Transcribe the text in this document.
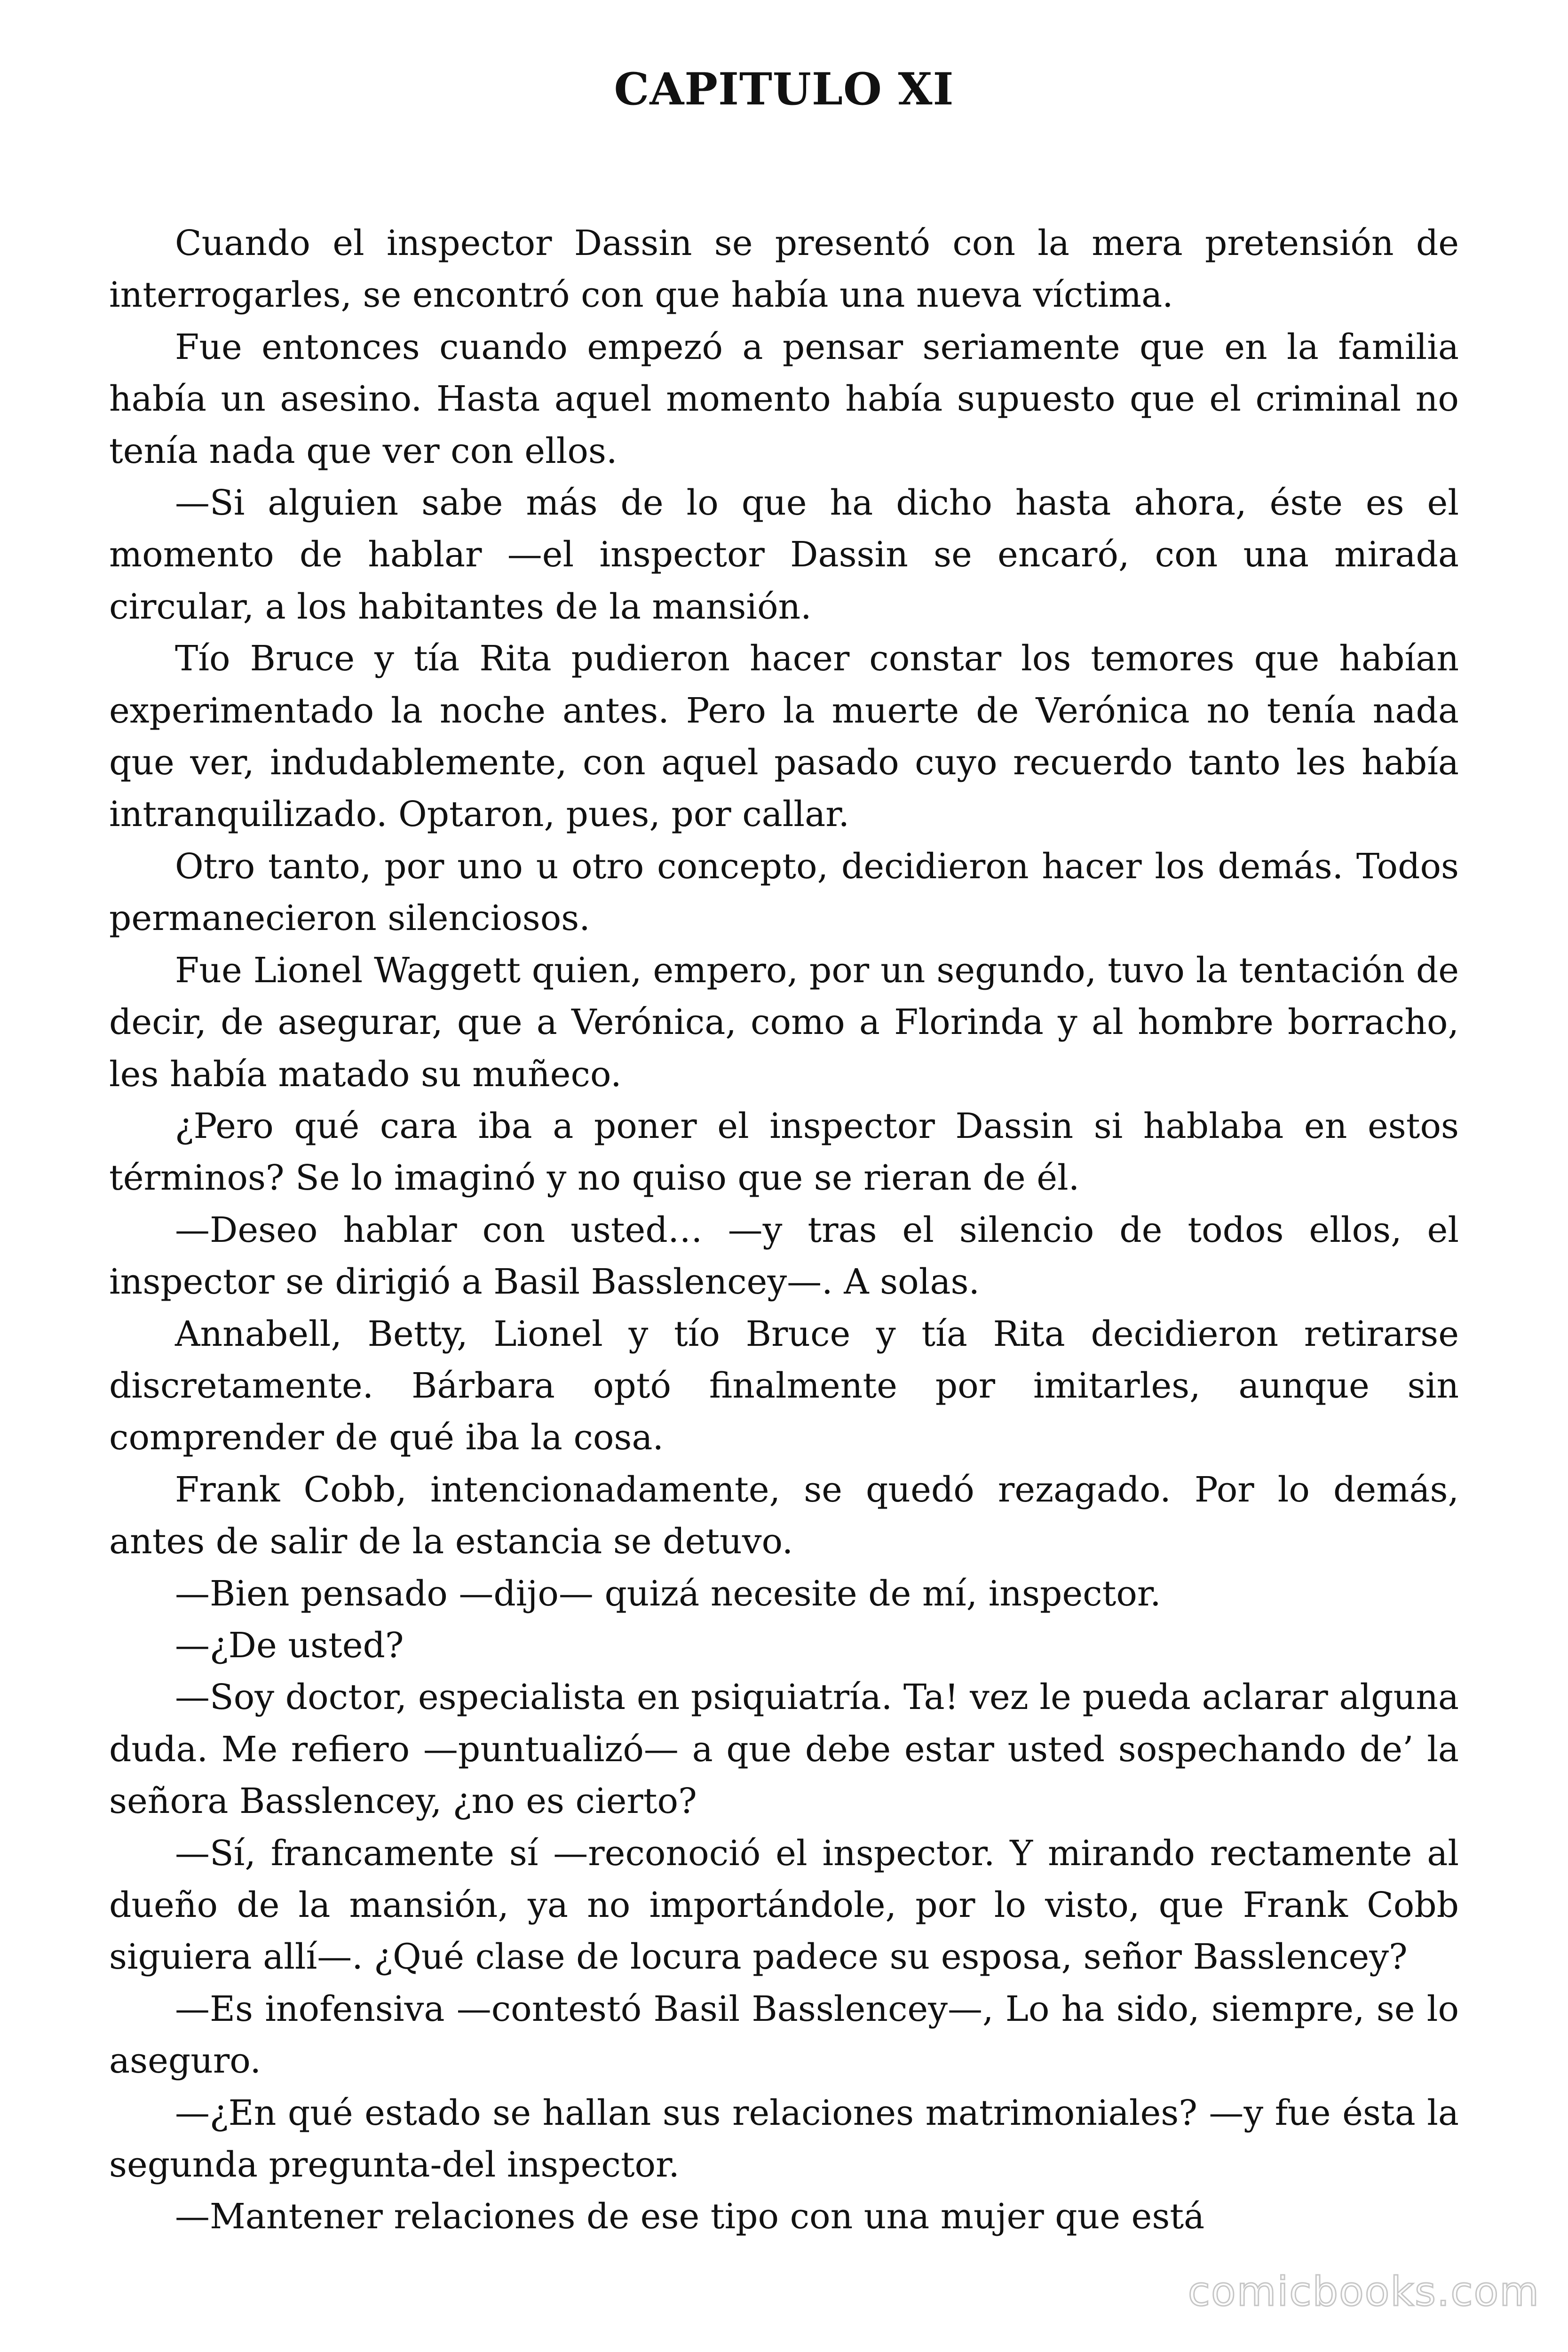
CAPITULO XI

Cuando el inspector Dassin se presentó con la mera pretensión de interrogarles, se encontró con que había una nueva víctima.

Fue entonces cuando empezó a pensar seriamente que en la familia había un asesino. Hasta aquel momento había supuesto que el criminal no tenía nada que ver con ellos.

—Si alguien sabe más de lo que ha dicho hasta ahora, éste es el momento de hablar —el inspector Dassin se encaró, con una mirada circular, a los habitantes de la mansión.

Tío Bruce y tía Rita pudieron hacer constar los temores que habían experimentado la noche antes. Pero la muerte de Verónica no tenía nada que ver, indudablemente, con aquel pasado cuyo recuerdo tanto les había intranquilizado. Optaron, pues, por callar.

Otro tanto, por uno u otro concepto, decidieron hacer los demás. Todos permanecieron silenciosos.

Fue Lionel Waggett quien, empero, por un segundo, tuvo la tentación de decir, de asegurar, que a Verónica, como a Florinda y al hombre borracho, les había matado su muñeco.

¿Pero qué cara iba a poner el inspector Dassin si hablaba en estos términos? Se lo imaginó y no quiso que se rieran de él.

—Deseo hablar con usted… —y tras el silencio de todos ellos, el inspector se dirigió a Basil Basslencey—. A solas.

Annabell, Betty, Lionel y tío Bruce y tía Rita decidieron retirarse discretamente. Bárbara optó finalmente por imitarles, aunque sin comprender de qué iba la cosa.

Frank Cobb, intencionadamente, se quedó rezagado. Por lo demás, antes de salir de la estancia se detuvo.

—Bien pensado —dijo— quizá necesite de mí, inspector.

—¿De usted?

—Soy doctor, especialista en psiquiatría. Ta! vez le pueda aclarar alguna duda. Me refiero —puntualizó— a que debe estar usted sospechando de’ la señora Basslencey, ¿no es cierto?

—Sí, francamente sí —reconoció el inspector. Y mirando rectamente al dueño de la mansión, ya no importándole, por lo visto, que Frank Cobb siguiera allí—. ¿Qué clase de locura padece su esposa, señor Basslencey?

—Es inofensiva —contestó Basil Basslencey—, Lo ha sido, siempre, se lo aseguro.

—¿En qué estado se hallan sus relaciones matrimoniales? —y fue ésta la segunda pregunta-del inspector.

—Mantener relaciones de ese tipo con una mujer que está

comicbooks.com
